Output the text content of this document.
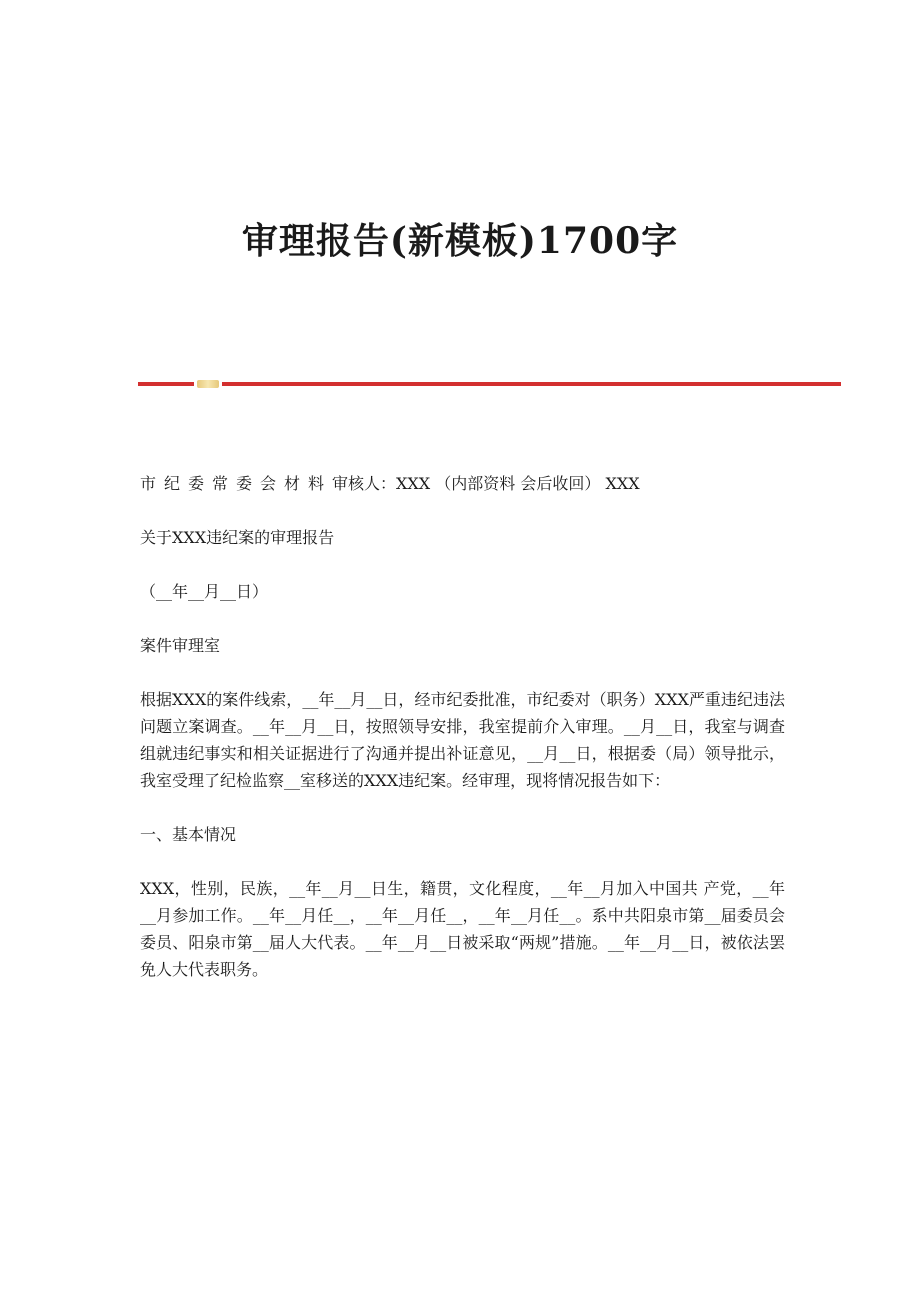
审理报告(新模板)1700字

市纪委常委会材料审核人：XXX （内部资料 会后收回） XXX

关于XXX违纪案的审理报告

（__年__月__日）

案件审理室

根据XXX的案件线索，__年__月__日，经市纪委批准，市纪委对（职务）XXX严重违纪违法问题立案调查。__年__月__日，按照领导安排，我室提前介入审理。__月__日，我室与调查组就违纪事实和相关证据进行了沟通并提出补证意见，__月__日，根据委（局）领导批示，我室受理了纪检监察__室移送的XXX违纪案。经审理，现将情况报告如下：

一、基本情况

XXX，性别，民族，__年__月__日生，籍贯，文化程度，__年__月加入中国共 产党，__年__月参加工作。__年__月任__，__年__月任__，__年__月任__。系中共阳泉市第__届委员会委员、阳泉市第__届人大代表。__年__月__日被采取“两规”措施。__年__月__日，被依法罢免人大代表职务。
